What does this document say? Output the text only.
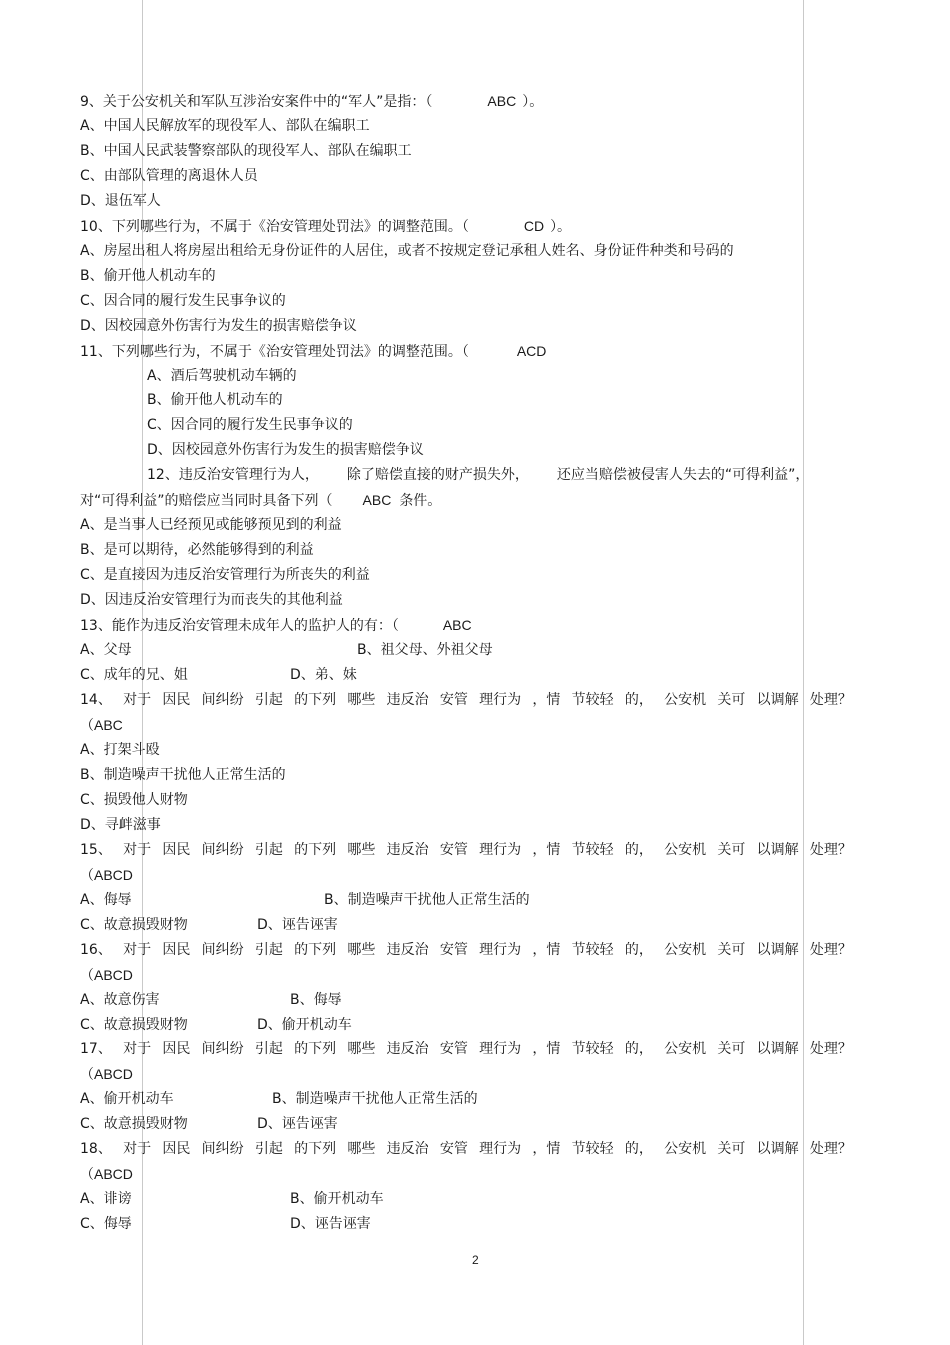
9、关于公安机关和军队互涉治安案件中的“军人”是指：（	ABC ）。
A、中国人民解放军的现役军人、部队在编职工
B、中国人民武装警察部队的现役军人、部队在编职工
C、由部队管理的离退休人员
D、退伍军人
10、下列哪些行为，不属于《治安管理处罚法》的调整范围。（	CD ）。
A、房屋出租人将房屋出租给无身份证件的人居住，或者不按规定登记承租人姓名、身份证件种类和号码的
B、偷开他人机动车的
C、因合同的履行发生民事争议的
D、因校园意外伤害行为发生的损害赔偿争议
11、下列哪些行为，不属于《治安管理处罚法》的调整范围。（	ACD
A、酒后驾驶机动车辆的
B、偷开他人机动车的
C、因合同的履行发生民事争议的
D、因校园意外伤害行为发生的损害赔偿争议
12、违反治安管理行为人， 除了赔偿直接的财产损失外， 还应当赔偿被侵害人失去的“可得利益”，
对“可得利益”的赔偿应当同时具备下列（ ABC 条件。
A、是当事人已经预见或能够预见到的利益
B、是可以期待，必然能够得到的利益
C、是直接因为违反治安管理行为所丧失的利益
D、因违反治安管理行为而丧失的其他利益
13、能作为违反治安管理未成年人的监护人的有：（	ABC
A、父母	B、祖父母、外祖父母
C、成年的兄、姐	D、弟、妹
14、 对于 因民 间纠纷 引起 的下列 哪些 违反治 安管 理行为 ，情 节较轻 的， 公安机 关可 以调解 处理？
（ABC
A、打架斗殴
B、制造噪声干扰他人正常生活的
C、损毁他人财物
D、寻衅滋事
15、 对于 因民 间纠纷 引起 的下列 哪些 违反治 安管 理行为 ，情 节较轻 的， 公安机 关可 以调解 处理？
（ABCD
A、侮辱	B、制造噪声干扰他人正常生活的
C、故意损毁财物	D、诬告诬害
16、 对于 因民 间纠纷 引起 的下列 哪些 违反治 安管 理行为 ，情 节较轻 的， 公安机 关可 以调解 处理？
（ABCD
A、故意伤害	B、侮辱
C、故意损毁财物	D、偷开机动车
17、 对于 因民 间纠纷 引起 的下列 哪些 违反治 安管 理行为 ，情 节较轻 的， 公安机 关可 以调解 处理？
（ABCD
A、偷开机动车	B、制造噪声干扰他人正常生活的
C、故意损毁财物	D、诬告诬害
18、 对于 因民 间纠纷 引起 的下列 哪些 违反治 安管 理行为 ，情 节较轻 的， 公安机 关可 以调解 处理？
（ABCD
A、诽谤	B、偷开机动车
C、侮辱	D、诬告诬害
2
